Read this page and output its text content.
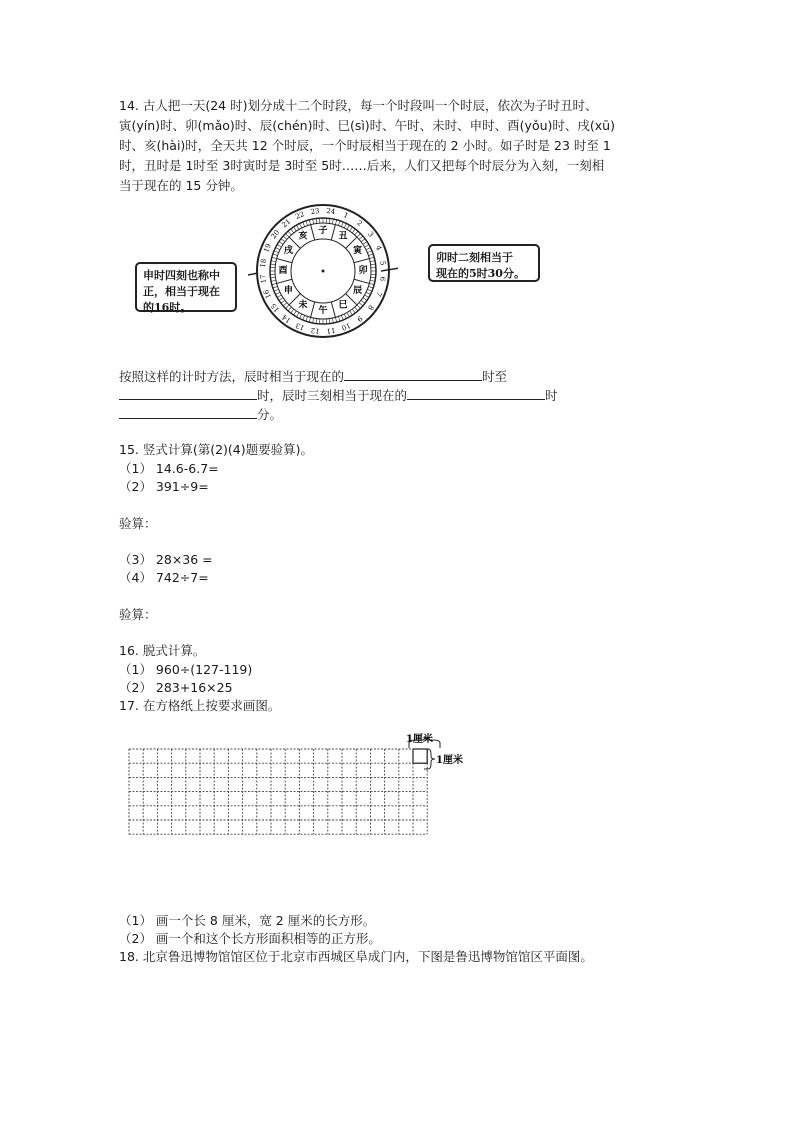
14. 古人把一天(24 时)划分成十二个时段，每一个时段叫一个时辰，依次为子时丑时、
寅(yín)时、卯(mǎo)时、辰(chén)时、巳(sì)时、午时、未时、申时、酉(yǒu)时、戌(xū)
时、亥(hài)时，全天共 12 个时辰，一个时辰相当于现在的 2 小时。如子时是 23 时至 1
时，丑时是 1时至 3时寅时是 3时至 5时……后来，人们又把每个时辰分为入刻，一刻相
当于现在的 15 分钟。
申时四刻也称中
正，相当于现在
的16时。
卯时二刻相当于
现在的5时30分。
23 24 1
2
3
4
5
6
7
8
9
10
11
12
13
14
15
16
17
18
19
20
21
22
子
丑
寅
卯
辰
巳
午
未
申
酉
戌
亥
按照这样的计时方法，辰时相当于现在的	时至
时，辰时三刻相当于现在的	时
分。
15. 竖式计算(第(2)(4)题要验算)。
（1） 14.6-6.7=
（2） 391÷9=
验算：
（3） 28×36 =
（4） 742÷7=
验算：
16. 脱式计算。
（1） 960÷(127-119)
（2） 283+16×25
17. 在方格纸上按要求画图。
1厘米
1厘米
（1） 画一个长 8 厘米，宽 2 厘米的长方形。
（2） 画一个和这个长方形面积相等的正方形。
18. 北京鲁迅博物馆馆区位于北京市西城区阜成门内，下图是鲁迅博物馆馆区平面图。
